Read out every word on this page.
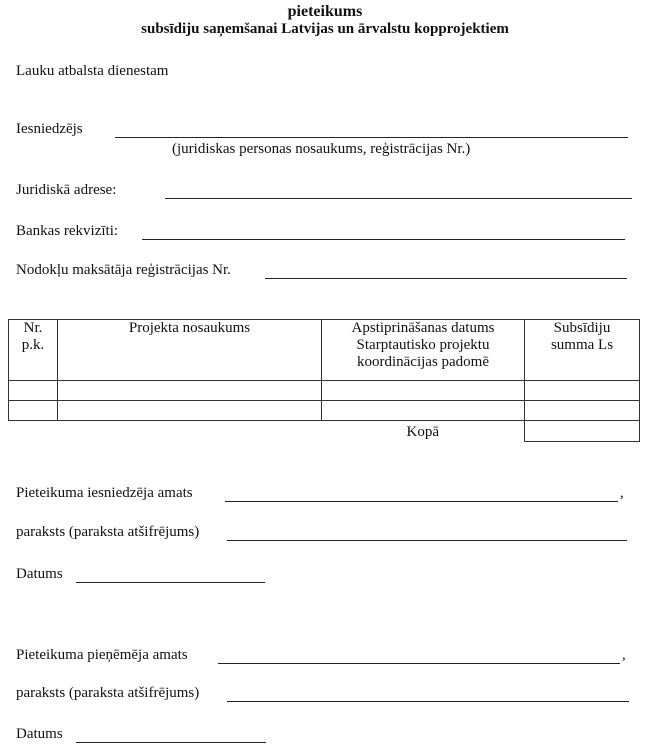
pieteikums
subsīdiju saņemšanai Latvijas un ārvalstu kopprojektiem
Lauku atbalsta dienestam
Iesniedzējs
(juridiskas personas nosaukums, reģistrācijas Nr.)
Juridiskā adrese:
Bankas rekvizīti:
Nodokļu maksātāja reģistrācijas Nr.
Nr.
p.k.	Projekta nosaukums	Apstiprināšanas datums Starptautisko projektu koordinācijas padomē	Subsīdiju summa Ls

		Kopā	
Pieteikuma iesniedzēja amats	,
paraksts (paraksta atšifrējums)
Datums
Pieteikuma pieņēmēja amats	,
paraksts (paraksta atšifrējums)
Datums
